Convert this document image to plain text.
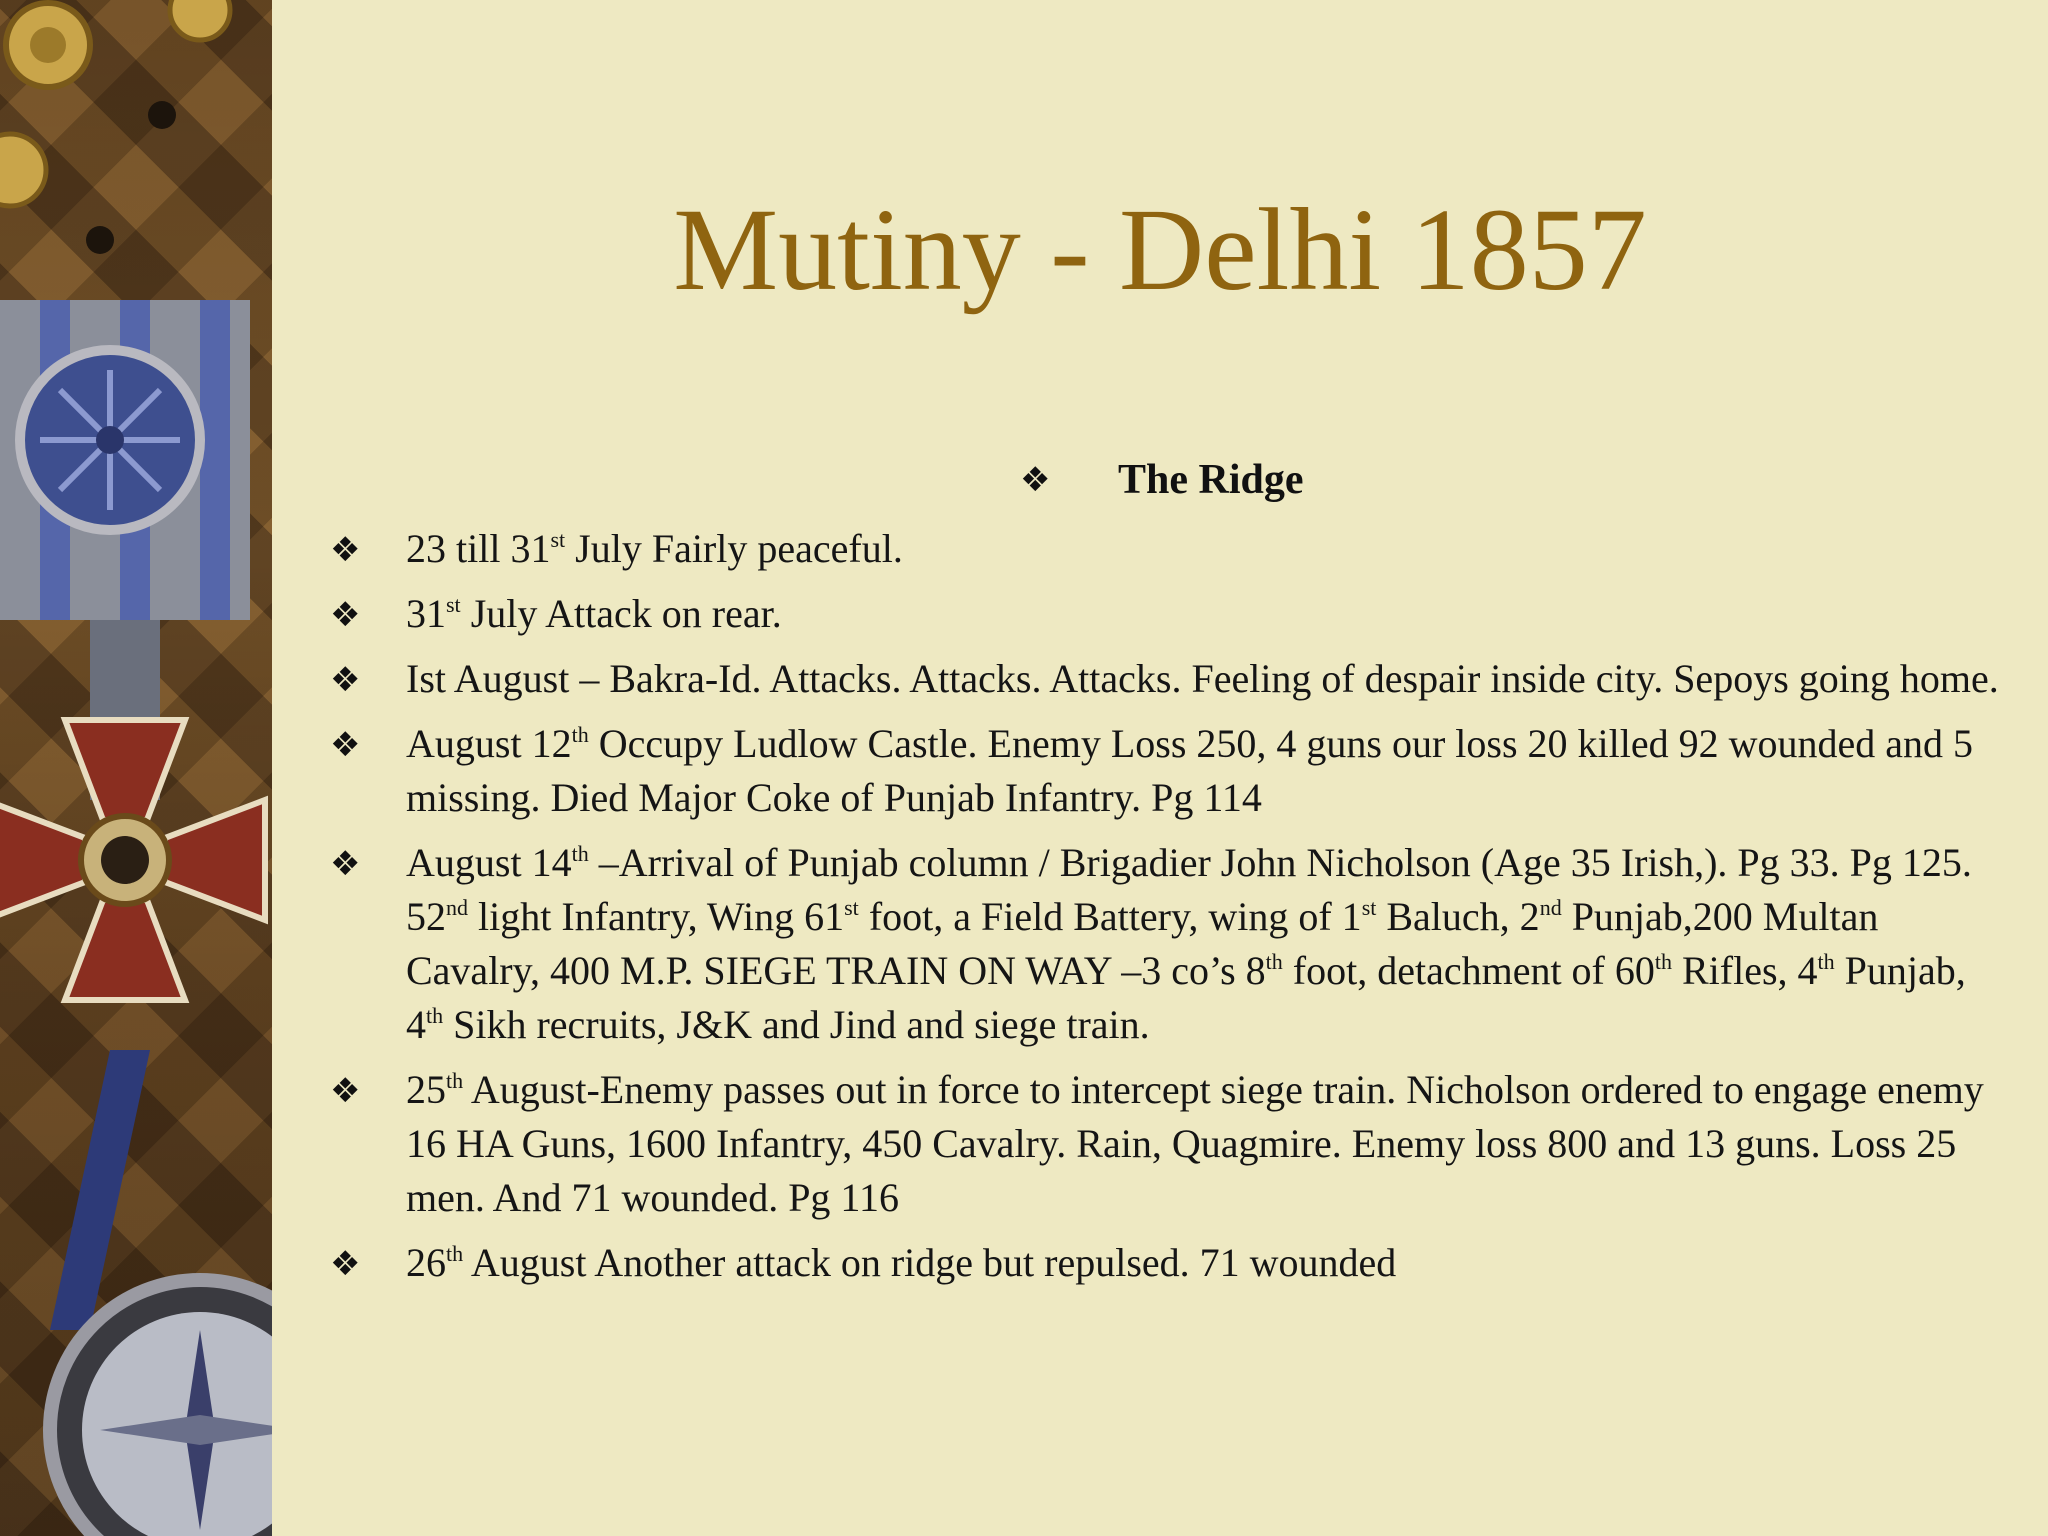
Mutiny - Delhi 1857
❖ The Ridge
❖ 23 till 31st July Fairly peaceful.
❖ 31st July Attack on rear.
❖ Ist August – Bakra-Id. Attacks. Attacks. Attacks. Feeling of despair inside city. Sepoys going home.
❖ August 12th Occupy Ludlow Castle. Enemy Loss 250, 4 guns our loss 20 killed 92 wounded and 5 missing. Died Major Coke of Punjab Infantry. Pg 114
❖ August 14th –Arrival of Punjab column / Brigadier John Nicholson (Age 35 Irish,). Pg 33. Pg 125. 52nd light Infantry, Wing 61st foot, a Field Battery, wing of 1st Baluch, 2nd Punjab,200 Multan Cavalry, 400 M.P. SIEGE TRAIN ON WAY –3 co’s 8th foot, detachment of 60th Rifles, 4th Punjab, 4th Sikh recruits, J&K and Jind and siege train.
❖ 25th August-Enemy passes out in force to intercept siege train. Nicholson ordered to engage enemy 16 HA Guns, 1600 Infantry, 450 Cavalry. Rain, Quagmire. Enemy loss 800 and 13 guns. Loss 25 men. And 71 wounded. Pg 116
❖ 26th August Another attack on ridge but repulsed. 71 wounded
